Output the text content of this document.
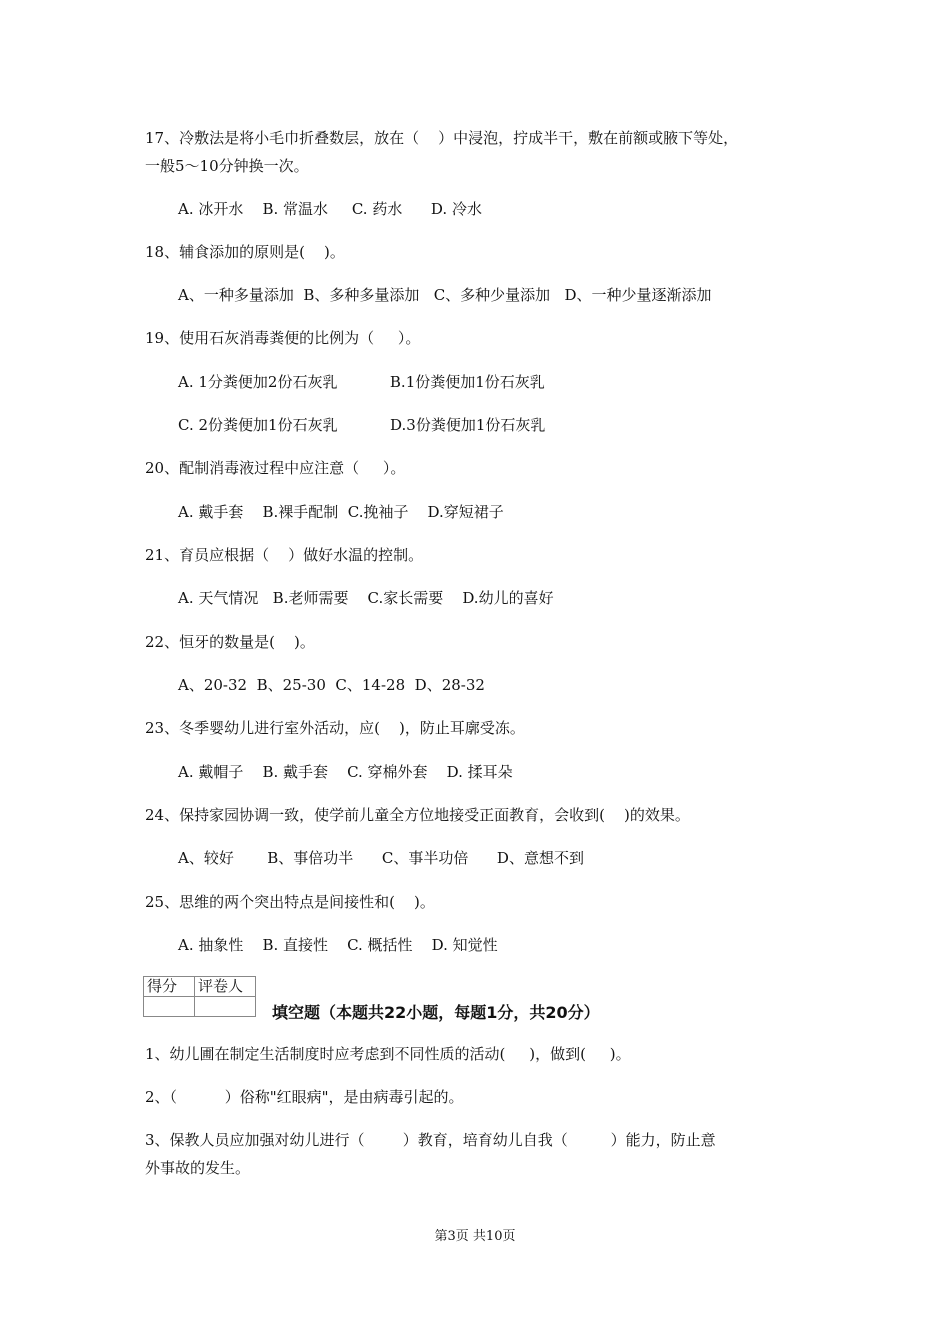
17、冷敷法是将小毛巾折叠数层，放在（    ）中浸泡，拧成半干，敷在前额或腋下等处，
一般5～10分钟换一次。
A. 冰开水    B. 常温水     C. 药水      D. 冷水
18、辅食添加的原则是(    )。
A、一种多量添加  B、多种多量添加   C、多种少量添加   D、一种少量逐渐添加
19、使用石灰消毒粪便的比例为（     ）。
A. 1分粪便加2份石灰乳           B.1份粪便加1份石灰乳
C. 2份粪便加1份石灰乳           D.3份粪便加1份石灰乳
20、配制消毒液过程中应注意（     ）。
A. 戴手套    B.裸手配制  C.挽袖子    D.穿短裙子
21、育员应根据（    ）做好水温的控制。
A. 天气情况   B.老师需要    C.家长需要    D.幼儿的喜好
22、恒牙的数量是(    )。
A、20-32  B、25-30  C、14-28  D、28-32
23、冬季婴幼儿进行室外活动，应(    )，防止耳廓受冻。
A. 戴帽子    B. 戴手套    C. 穿棉外套    D. 揉耳朵
24、保持家园协调一致，使学前儿童全方位地接受正面教育，会收到(    )的效果。
A、较好       B、事倍功半      C、事半功倍      D、意想不到
25、思维的两个突出特点是间接性和(    )。
A. 抽象性    B. 直接性    C. 概括性    D. 知觉性
得分	评卷人

填空题（本题共22小题，每题1分，共20分）
1、幼儿圃在制定生活制度时应考虑到不同性质的活动(     )，做到(     )。
2、（          ）俗称"红眼病"，是由病毒引起的。
3、保教人员应加强对幼儿进行（        ）教育，培育幼儿自我（         ）能力，防止意
外事故的发生。
第3页 共10页
